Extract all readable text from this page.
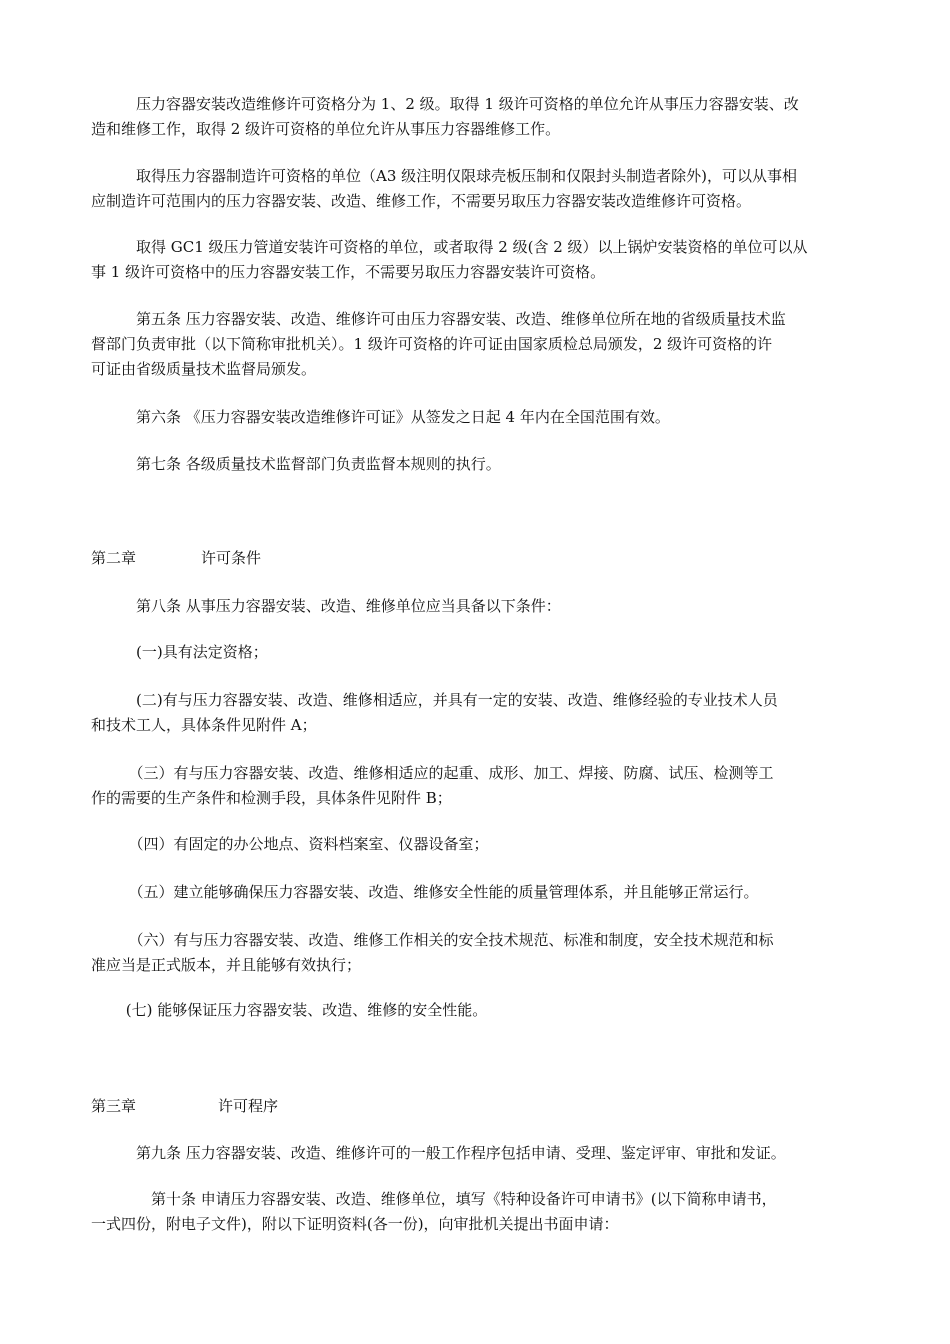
　　　压力容器安装改造维修许可资格分为 1、2 级。取得 1 级许可资格的单位允许从事压力容器安装、改
造和维修工作，取得 2 级许可资格的单位允许从事压力容器维修工作。

　　　取得压力容器制造许可资格的单位（A3 级注明仅限球壳板压制和仅限封头制造者除外)，可以从事相
应制造许可范围内的压力容器安装、改造、维修工作，不需要另取压力容器安装改造维修许可资格。

　　　取得 GC1 级压力管道安装许可资格的单位，或者取得 2 级(含 2 级）以上锅炉安装资格的单位可以从
事 1 级许可资格中的压力容器安装工作，不需要另取压力容器安装许可资格。

　　　第五条 压力容器安装、改造、维修许可由压力容器安装、改造、维修单位所在地的省级质量技术监
督部门负责审批（以下简称审批机关）。1 级许可资格的许可证由国家质检总局颁发，2 级许可资格的许
可证由省级质量技术监督局颁发。

　　　第六条 《压力容器安装改造维修许可证》从签发之日起 4 年内在全国范围有效。

　　　第七条 各级质量技术监督部门负责监督本规则的执行。

第二章	许可条件

　　　第八条 从事压力容器安装、改造、维修单位应当具备以下条件：

　　　(一)具有法定资格；

　　　(二)有与压力容器安装、改造、维修相适应，并具有一定的安装、改造、维修经验的专业技术人员
和技术工人，具体条件见附件 A；

　　　（三）有与压力容器安装、改造、维修相适应的起重、成形、加工、焊接、防腐、试压、检测等工
作的需要的生产条件和检测手段，具体条件见附件 B；

　　　（四）有固定的办公地点、资料档案室、仪器设备室；

　　　（五）建立能够确保压力容器安装、改造、维修安全性能的质量管理体系，并且能够正常运行。

　　　（六）有与压力容器安装、改造、维修工作相关的安全技术规范、标准和制度，安全技术规范和标
准应当是正式版本，并且能够有效执行；

　　 (七) 能够保证压力容器安装、改造、维修的安全性能。

第三章	许可程序

　　　第九条 压力容器安装、改造、维修许可的一般工作程序包括申请、受理、鉴定评审、审批和发证。

　　　　第十条 申请压力容器安装、改造、维修单位，填写《特种设备许可申请书》(以下简称申请书，
一式四份，附电子文件)，附以下证明资料(各一份)，向审批机关提出书面申请：
